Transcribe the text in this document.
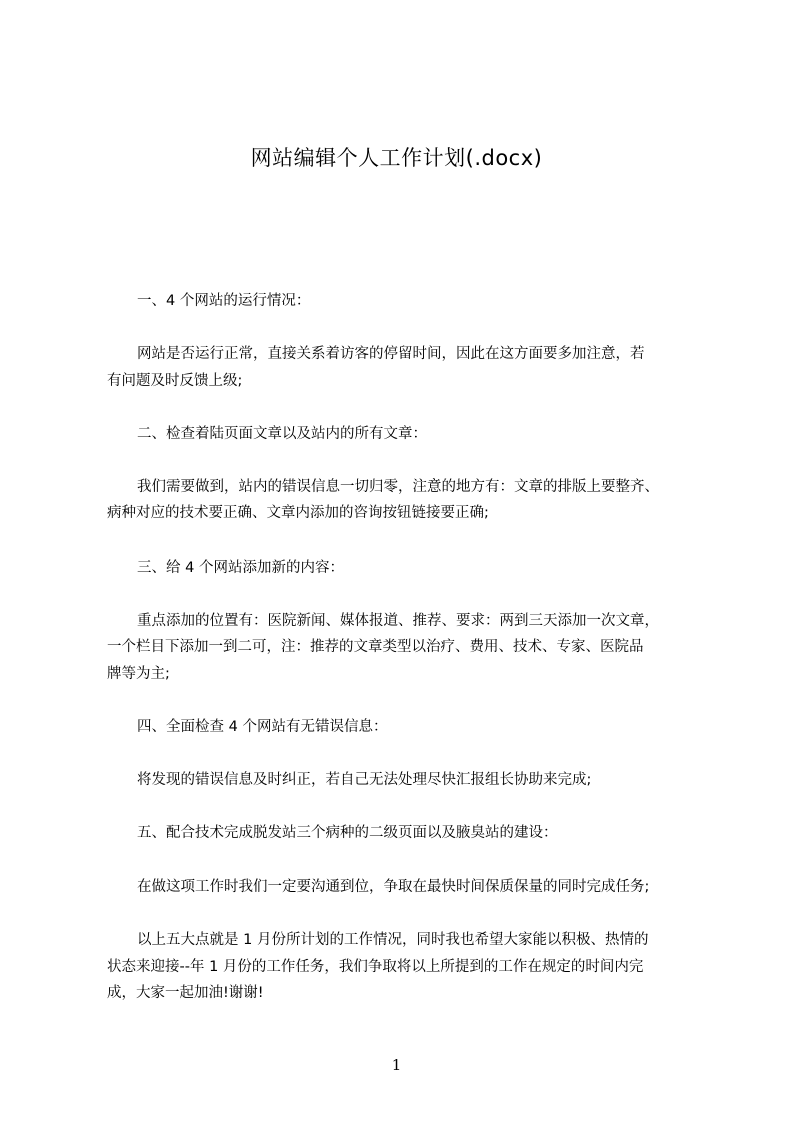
网站编辑个人工作计划(.docx)

一、4 个网站的运行情况：

网站是否运行正常，直接关系着访客的停留时间，因此在这方面要多加注意，若

有问题及时反馈上级;

二、检查着陆页面文章以及站内的所有文章：

我们需要做到，站内的错误信息一切归零，注意的地方有：文章的排版上要整齐、

病种对应的技术要正确、文章内添加的咨询按钮链接要正确;

三、给 4 个网站添加新的内容：

重点添加的位置有：医院新闻、媒体报道、推荐、要求：两到三天添加一次文章，

一个栏目下添加一到二可，注：推荐的文章类型以治疗、费用、技术、专家、医院品

牌等为主;

四、全面检查 4 个网站有无错误信息：

将发现的错误信息及时纠正，若自己无法处理尽快汇报组长协助来完成;

五、配合技术完成脱发站三个病种的二级页面以及腋臭站的建设：

在做这项工作时我们一定要沟通到位，争取在最快时间保质保量的同时完成任务;

以上五大点就是 1 月份所计划的工作情况，同时我也希望大家能以积极、热情的

状态来迎接--年 1 月份的工作任务，我们争取将以上所提到的工作在规定的时间内完

成，大家一起加油!谢谢!

1
